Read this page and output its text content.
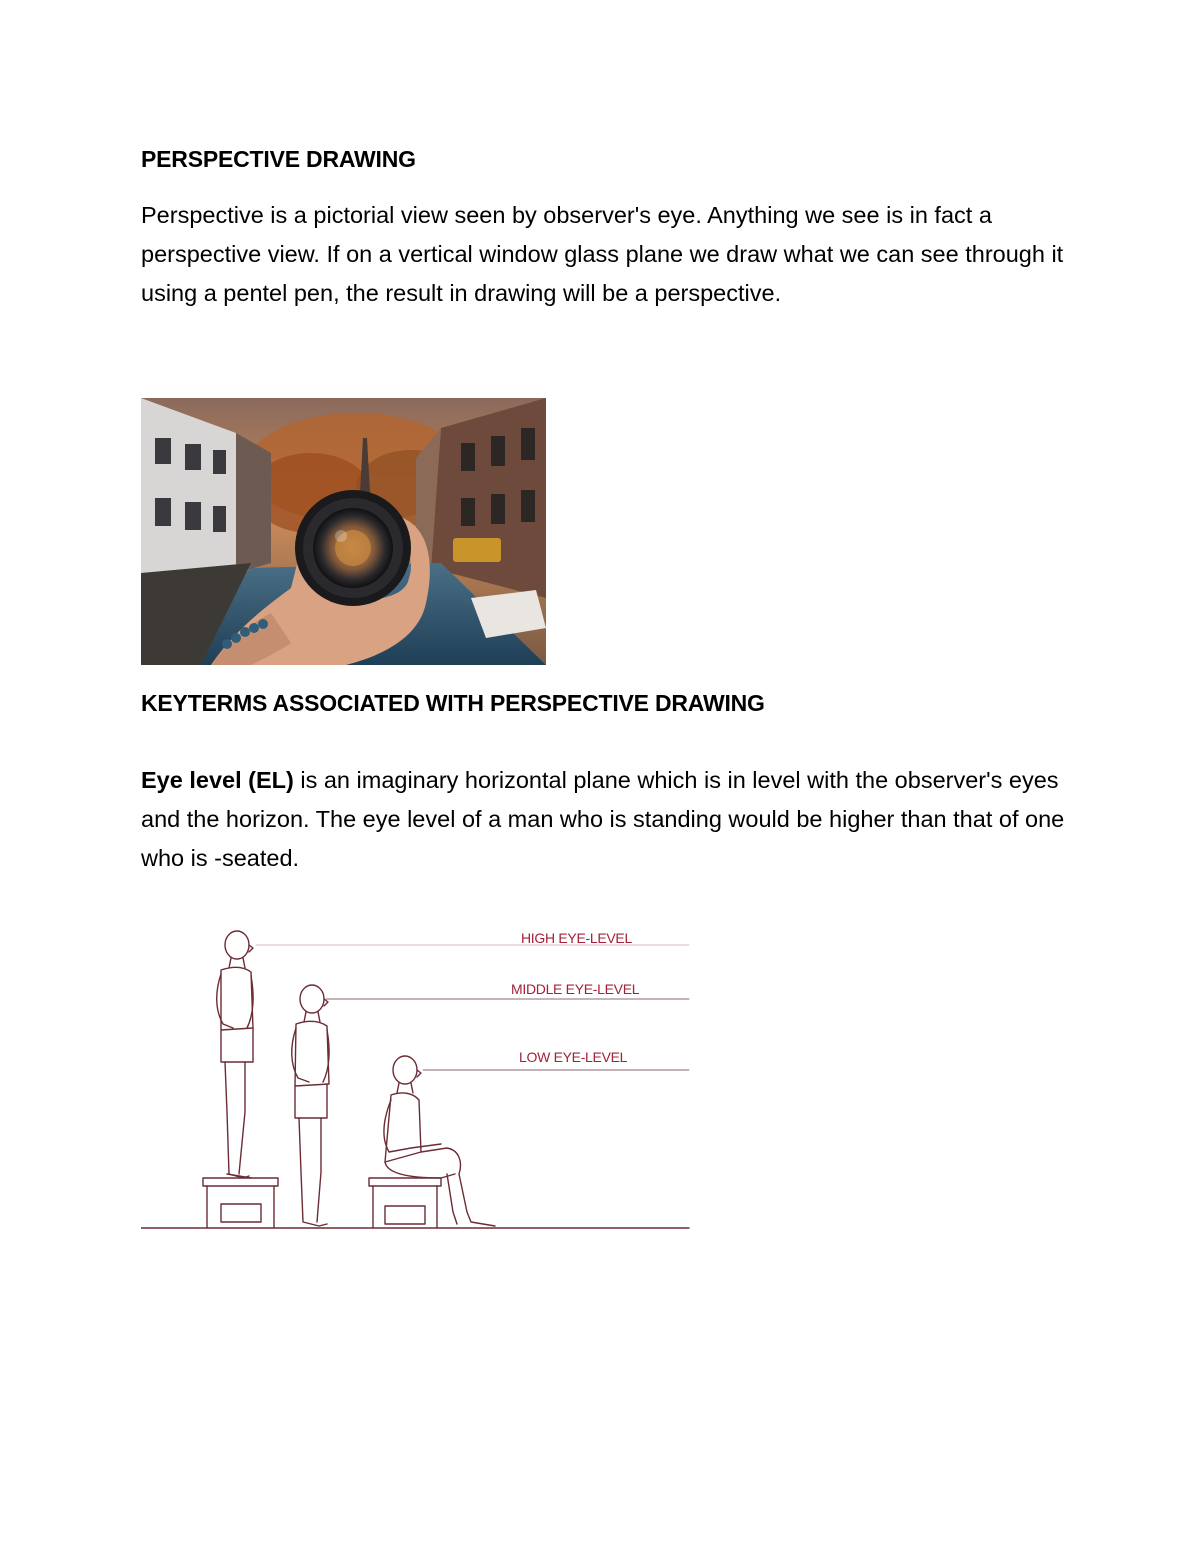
PERSPECTIVE DRAWING
Perspective is a pictorial view seen by observer's eye. Anything we see is in fact a perspective view. If on a vertical window glass plane we draw what we can see through it using a pentel pen, the result in drawing will be a perspective.
KEYTERMS ASSOCIATED WITH PERSPECTIVE DRAWING
Eye level (EL) is an imaginary horizontal plane which is in level with the observer's eyes and the horizon. The eye level of a man who is standing would be higher than that of one who is -seated.
HIGH EYE-LEVEL
MIDDLE EYE-LEVEL
LOW EYE-LEVEL
